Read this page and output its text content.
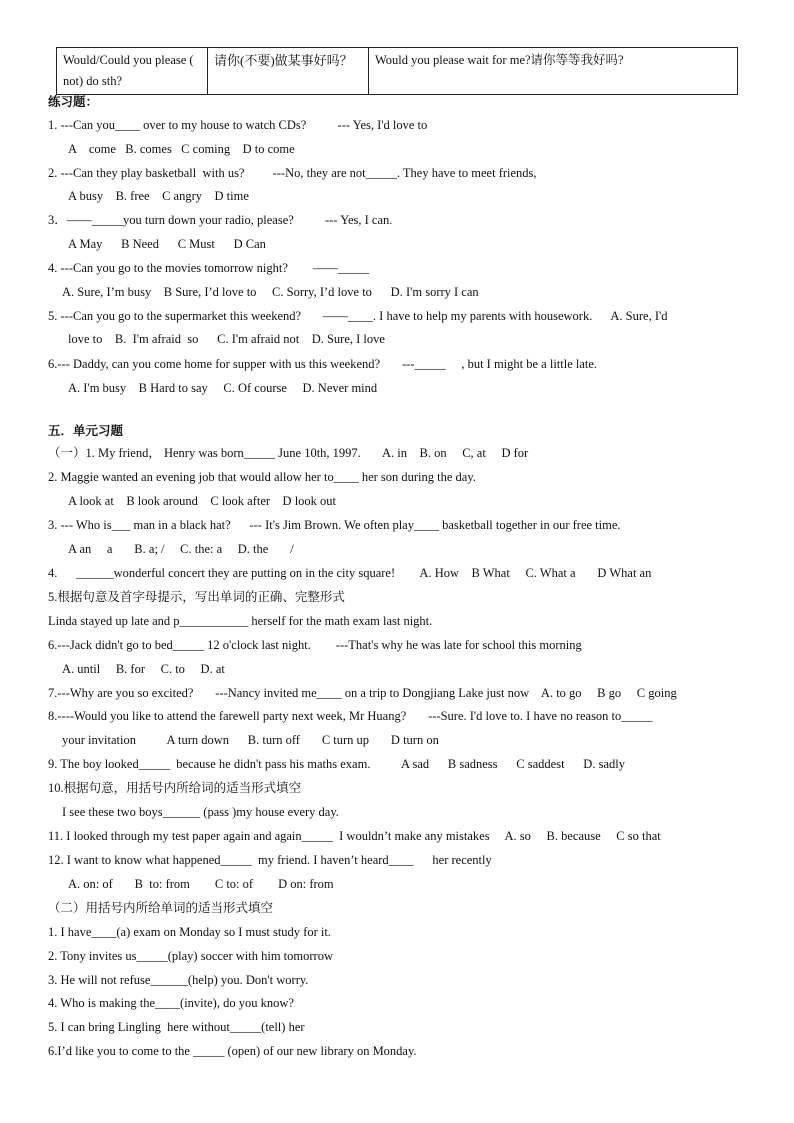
Would/Could you please ( not) do sth?	请你(不要)做某事好吗？	Would you please wait for me?请你等等我好吗?
练习题：
1. ---Can you____ over to my house to watch CDs?          --- Yes, I'd love to
A    come   B. comes   C coming    D to come
2. ---Can they play basketball  with us?         ---No, they are not_____. They have to meet friends,
A busy    B. free    C angry    D time
3．——_____you turn down your radio, please?          --- Yes, I can.
A May      B Need      C Must      D Can
4. ---Can you go to the movies tomorrow night?        ——_____
A. Sure, I’m busy    B Sure, I’d love to     C. Sorry, I’d love to      D. I'm sorry I can
5. ---Can you go to the supermarket this weekend?       ——____. I have to help my parents with housework.      A. Sure, I'd
love to    B.  I'm afraid  so      C. I'm afraid not    D. Sure, I love
6.--- Daddy, can you come home for supper with us this weekend?       ---_____     , but I might be a little late.
A. I'm busy    B Hard to say     C. Of course     D. Never mind
五．单元习题
（一）1. My friend， Henry was born_____ June 10th, 1997.       A. in    B. on     C, at     D for
2. Maggie wanted an evening job that would allow her to____ her son during the day.
A look at    B look around    C look after    D look out
3. --- Who is___ man in a black hat?      --- It's Jim Brown. We often play____ basketball together in our free time.
A an     a       B. a; /     C. the: a     D. the       /
4.      ______wonderful concert they are putting on in the city square!        A. How    B What     C. What a       D What an
5.根据句意及首字母提示，写出单词的正确、完整形式
Linda stayed up late and p___________ herself for the math exam last night.
6.---Jack didn't go to bed_____ 12 o'clock last night.        ---That's why he was late for school this morning
A. until     B. for     C. to     D. at
7.---Why are you so excited?       ---Nancy invited me____ on a trip to Dongjiang Lake just now    A. to go     B go     C going
8.----Would you like to attend the farewell party next week, Mr Huang?       ---Sure. I'd love to. I have no reason to_____
your invitation          A turn down      B. turn off       C turn up       D turn on
9. The boy looked_____  because he didn't pass his maths exam.          A sad      B sadness      C saddest      D. sadly
10.根据句意，用括号内所给词的适当形式填空
I see these two boys______ (pass )my house every day.
11. I looked through my test paper again and again_____  I wouldn’t make any mistakes     A. so     B. because     C so that
12. I want to know what happened_____  my friend. I haven’t heard____      her recently
A. on: of       B  to: from        C to: of        D on: from
（二）用括号内所给单词的适当形式填空
1. I have____(a) exam on Monday so I must study for it.
2. Tony invites us_____(play) soccer with him tomorrow
3. He will not refuse______(help) you. Don't worry.
4. Who is making the____(invite), do you know?
5. I can bring Lingling  here without_____(tell) her
6.I’d like you to come to the _____ (open) of our new library on Monday.
